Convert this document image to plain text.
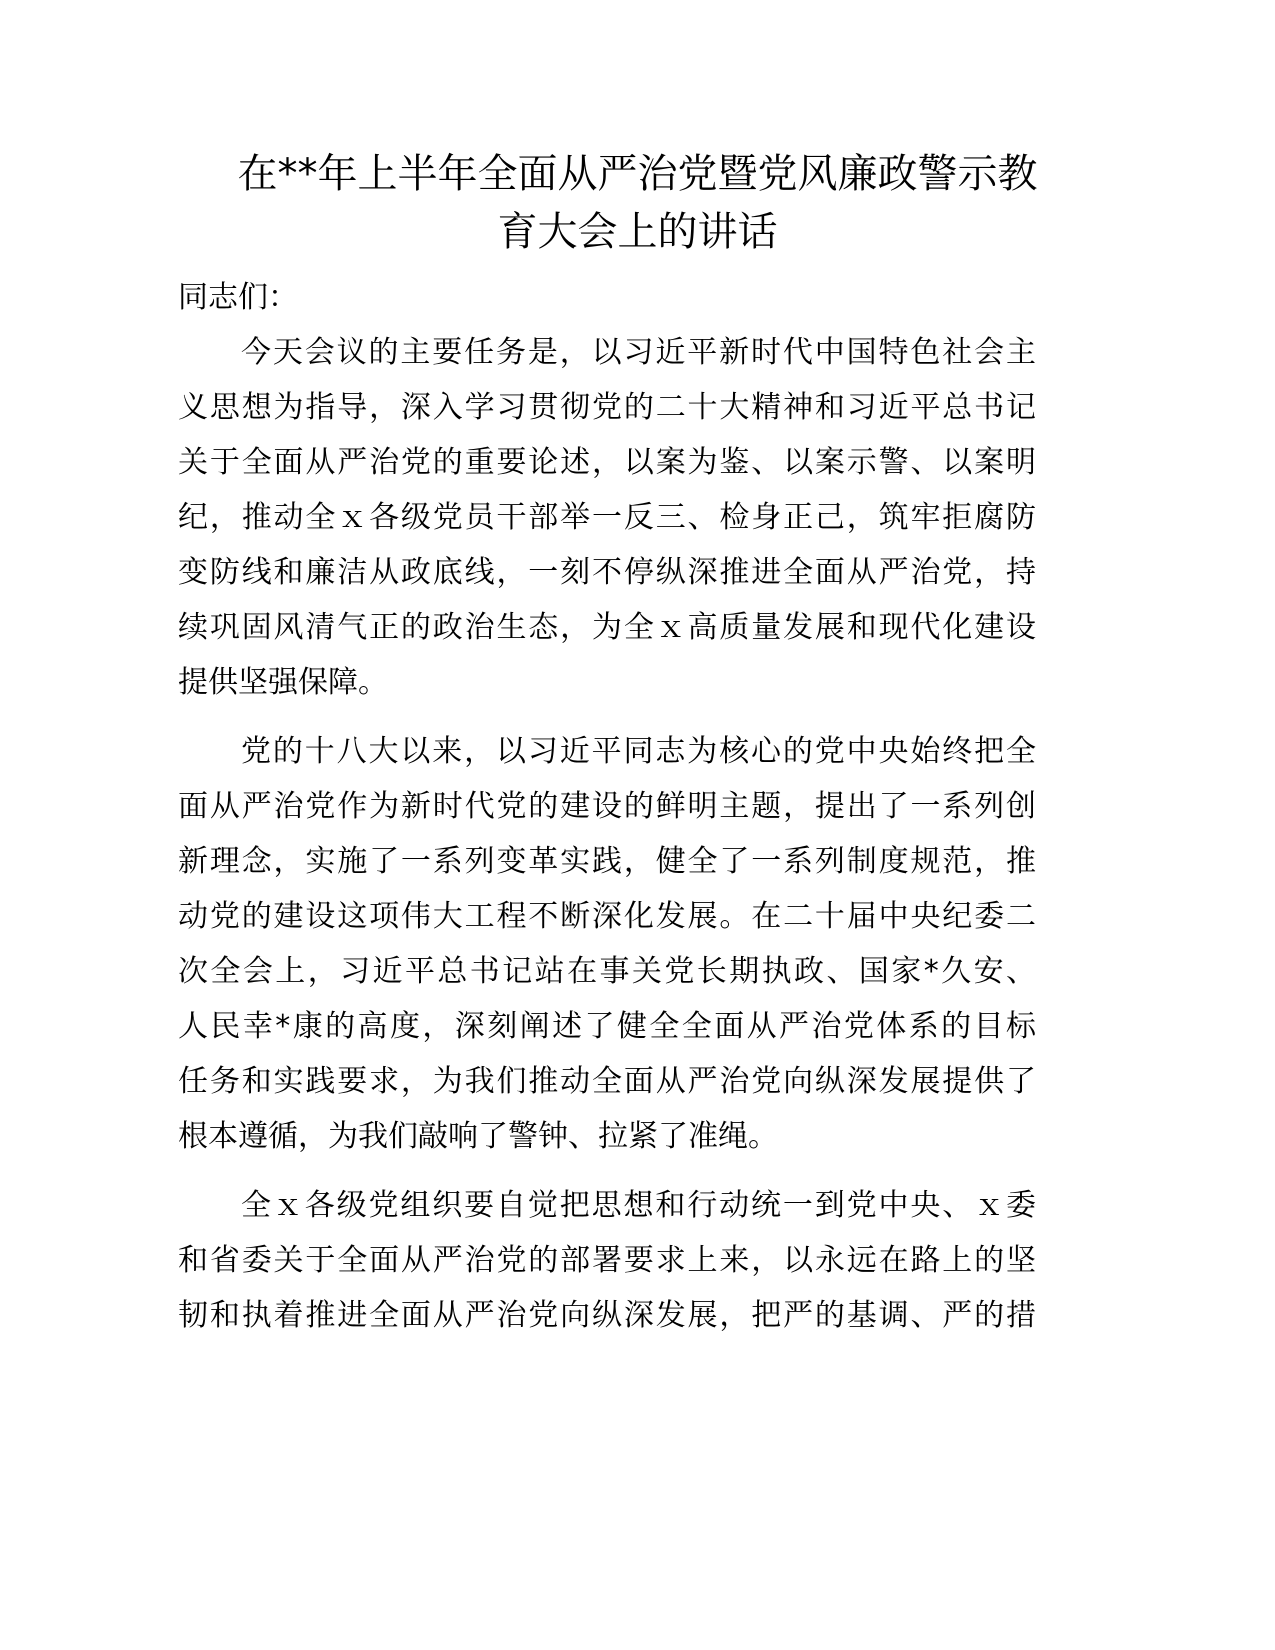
在**年上半年全面从严治党暨党风廉政警示教
育大会上的讲话
同志们：
今天会议的主要任务是，以习近平新时代中国特色社会主
义思想为指导，深入学习贯彻党的二十大精神和习近平总书记
关于全面从严治党的重要论述，以案为鉴、以案示警、以案明
纪，推动全ｘ各级党员干部举一反三、检身正己，筑牢拒腐防
变防线和廉洁从政底线，一刻不停纵深推进全面从严治党，持
续巩固风清气正的政治生态，为全ｘ高质量发展和现代化建设
提供坚强保障。
党的十八大以来，以习近平同志为核心的党中央始终把全
面从严治党作为新时代党的建设的鲜明主题，提出了一系列创
新理念，实施了一系列变革实践，健全了一系列制度规范，推
动党的建设这项伟大工程不断深化发展。在二十届中央纪委二
次全会上，习近平总书记站在事关党长期执政、国家*久安、
人民幸*康的高度，深刻阐述了健全全面从严治党体系的目标
任务和实践要求，为我们推动全面从严治党向纵深发展提供了
根本遵循，为我们敲响了警钟、拉紧了准绳。
全ｘ各级党组织要自觉把思想和行动统一到党中央、ｘ委
和省委关于全面从严治党的部署要求上来，以永远在路上的坚
韧和执着推进全面从严治党向纵深发展，把严的基调、严的措
